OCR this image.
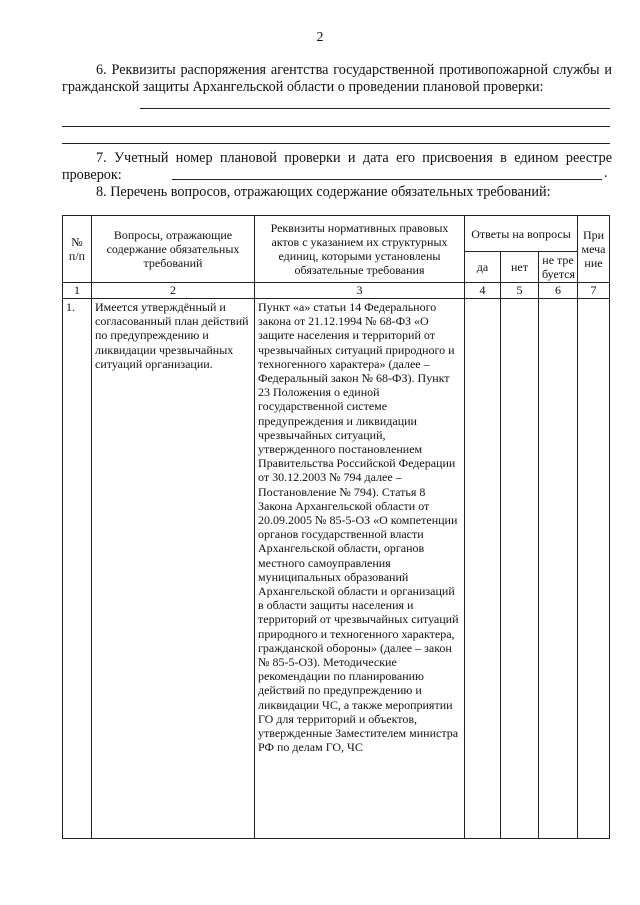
2
6. Реквизиты распоряжения агентства государственной противопожарной службы и гражданской защиты Архангельской области о проведении плановой проверки:
7. Учетный номер плановой проверки и дата его присвоения в едином реестре проверок:	.
8. Перечень вопросов, отражающих содержание обязательных требований:
№ п/п	Вопросы, отражающие содержание обязательных требований	Реквизиты нормативных правовых актов с указанием их структурных единиц, которыми установлены обязательные требования	Ответы на вопросы			При меча ние
			да	нет	не тре буется	
1	2	3	4	5	6	7
1.	Имеется утверждённый и согласованный план действий по предупреждению и ликвидации чрезвычайных ситуаций организации.	Пункт «а» статьи 14 Федерального закона от 21.12.1994 № 68-ФЗ «О защите населения и территорий от чрезвычайных ситуаций природного и техногенного характера» (далее – Федеральный закон № 68-ФЗ). Пункт 23 Положения о единой государственной системе предупреждения и ликвидации чрезвычайных ситуаций, утвержденного постановлением Правительства Российской Федерации от 30.12.2003 № 794 далее – Постановление № 794). Статья 8 Закона Архангельской области от 20.09.2005 № 85-5-ОЗ «О компетенции органов государственной власти Архангельской области, органов местного самоуправления муниципальных образований Архангельской области и организаций в области защиты населения и территорий от чрезвычайных ситуаций природного и техногенного характера, гражданской обороны» (далее – закон № 85-5-ОЗ). Методические рекомендации по планированию действий по предупреждению и ликвидации ЧС, а также мероприятии ГО для территорий и объектов, утвержденные Заместителем министра РФ по делам ГО, ЧС				
